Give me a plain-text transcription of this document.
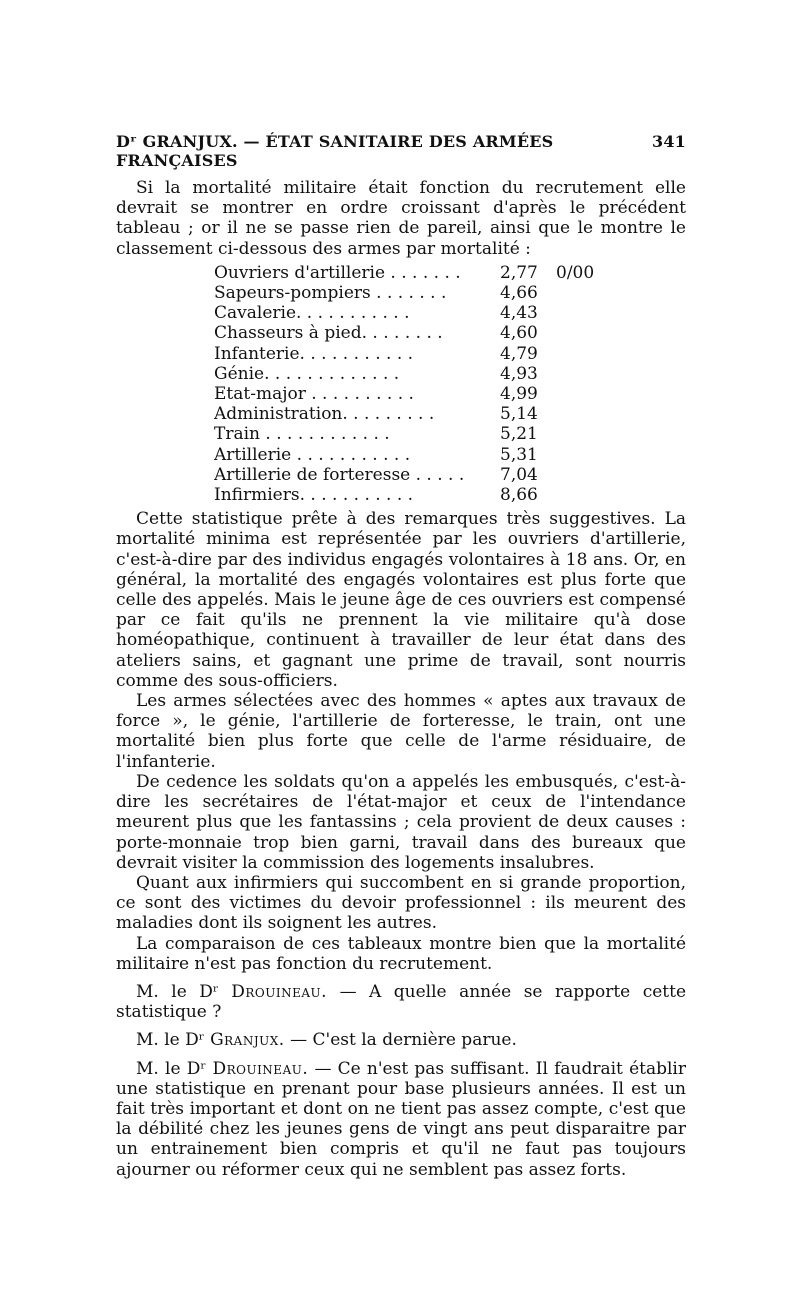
Dʳ GRANJUX. — ÉTAT SANITAIRE DES ARMÉES FRANÇAISES
341

Si la mortalité militaire était fonction du recrutement elle devrait se montrer en ordre croissant d'après le précédent tableau ; or il ne se passe rien de pareil, ainsi que le montre le classement ci-dessous des armes par mortalité :

Ouvriers d'artillerie . . . . . . .	2,77	0/00
Sapeurs-pompiers . . . . . . .	4,66
Cavalerie. . . . . . . . . . .	4,43
Chasseurs à pied. . . . . . . .	4,60
Infanterie. . . . . . . . . . .	4,79
Génie. . . . . . . . . . . . .	4,93
Etat-major . . . . . . . . . .	4,99
Administration. . . . . . . . .	5,14
Train . . . . . . . . . . . .	5,21
Artillerie . . . . . . . . . . .	5,31
Artillerie de forteresse . . . . .	7,04
Infirmiers. . . . . . . . . . .	8,66

Cette statistique prête à des remarques très suggestives. La mortalité minima est représentée par les ouvriers d'artillerie, c'est-à-dire par des individus engagés volontaires à 18 ans. Or, en général, la mortalité des engagés volontaires est plus forte que celle des appelés. Mais le jeune âge de ces ouvriers est compensé par ce fait qu'ils ne prennent la vie militaire qu'à dose homéopathique, continuent à travailler de leur état dans des ateliers sains, et gagnant une prime de travail, sont nourris comme des sous-officiers.

Les armes sélectées avec des hommes « aptes aux travaux de force », le génie, l'artillerie de forteresse, le train, ont une mortalité bien plus forte que celle de l'arme résiduaire, de l'infanterie.

De cedence les soldats qu'on a appelés les embusqués, c'est-à-dire les secrétaires de l'état-major et ceux de l'intendance meurent plus que les fantassins ; cela provient de deux causes : porte-monnaie trop bien garni, travail dans des bureaux que devrait visiter la commission des logements insalubres.

Quant aux infirmiers qui succombent en si grande proportion, ce sont des victimes du devoir professionnel : ils meurent des maladies dont ils soignent les autres.

La comparaison de ces tableaux montre bien que la mortalité militaire n'est pas fonction du recrutement.

M. le Dʳ Drouineau. — A quelle année se rapporte cette statistique ?

M. le Dʳ Granjux. — C'est la dernière parue.

M. le Dʳ Drouineau. — Ce n'est pas suffisant. Il faudrait établir une statistique en prenant pour base plusieurs années. Il est un fait très important et dont on ne tient pas assez compte, c'est que la débilité chez les jeunes gens de vingt ans peut disparaitre par un entrainement bien compris et qu'il ne faut pas toujours ajourner ou réformer ceux qui ne semblent pas assez forts.
